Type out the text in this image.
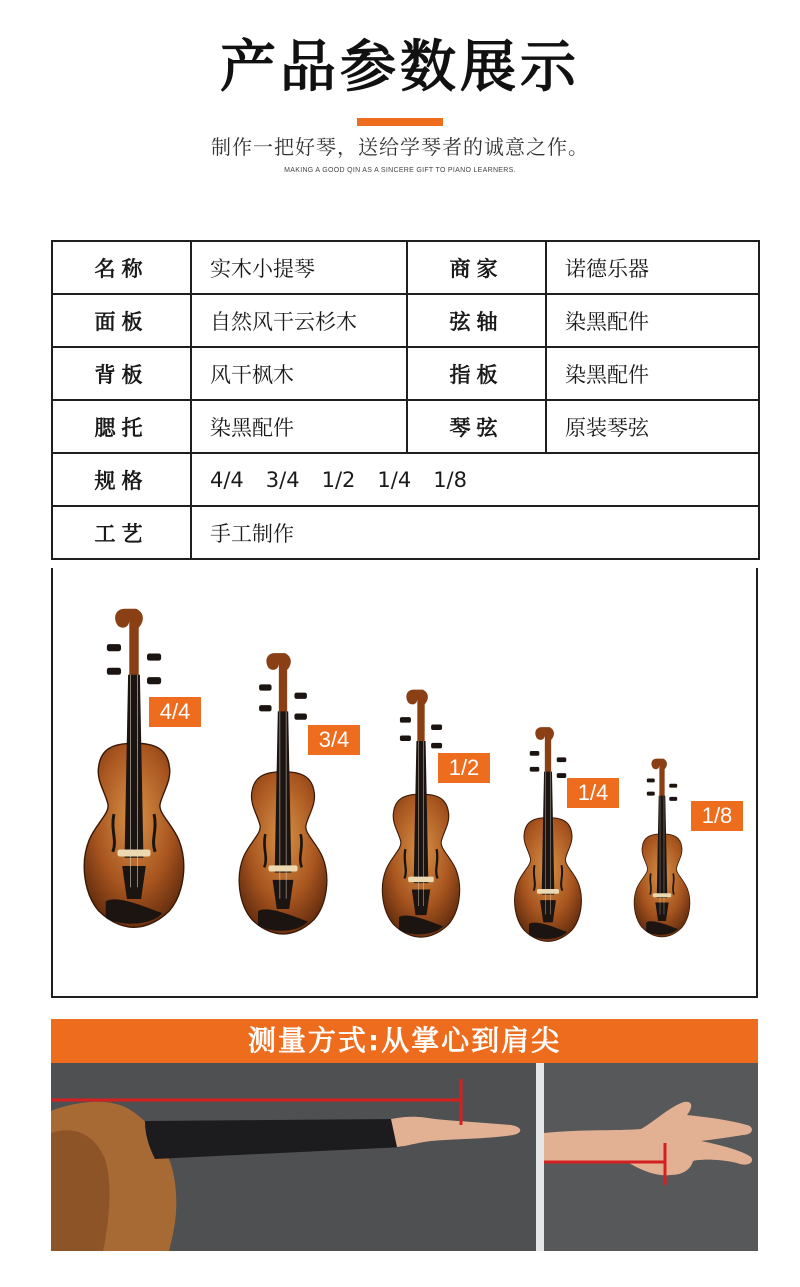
产品参数展示
制作一把好琴，送给学琴者的诚意之作。
MAKING A GOOD QIN AS A SINCERE GIFT TO PIANO LEARNERS.
名称	实木小提琴	商家	诺德乐器
面板	自然风干云杉木	弦轴	染黑配件
背板	风干枫木	指板	染黑配件
腮托	染黑配件	琴弦	原装琴弦
规格	4/4 3/4 1/2 1/4 1/8		
工艺	手工制作		
4/4
3/4
1/2
1/4
1/8
测量方式:从掌心到肩尖
